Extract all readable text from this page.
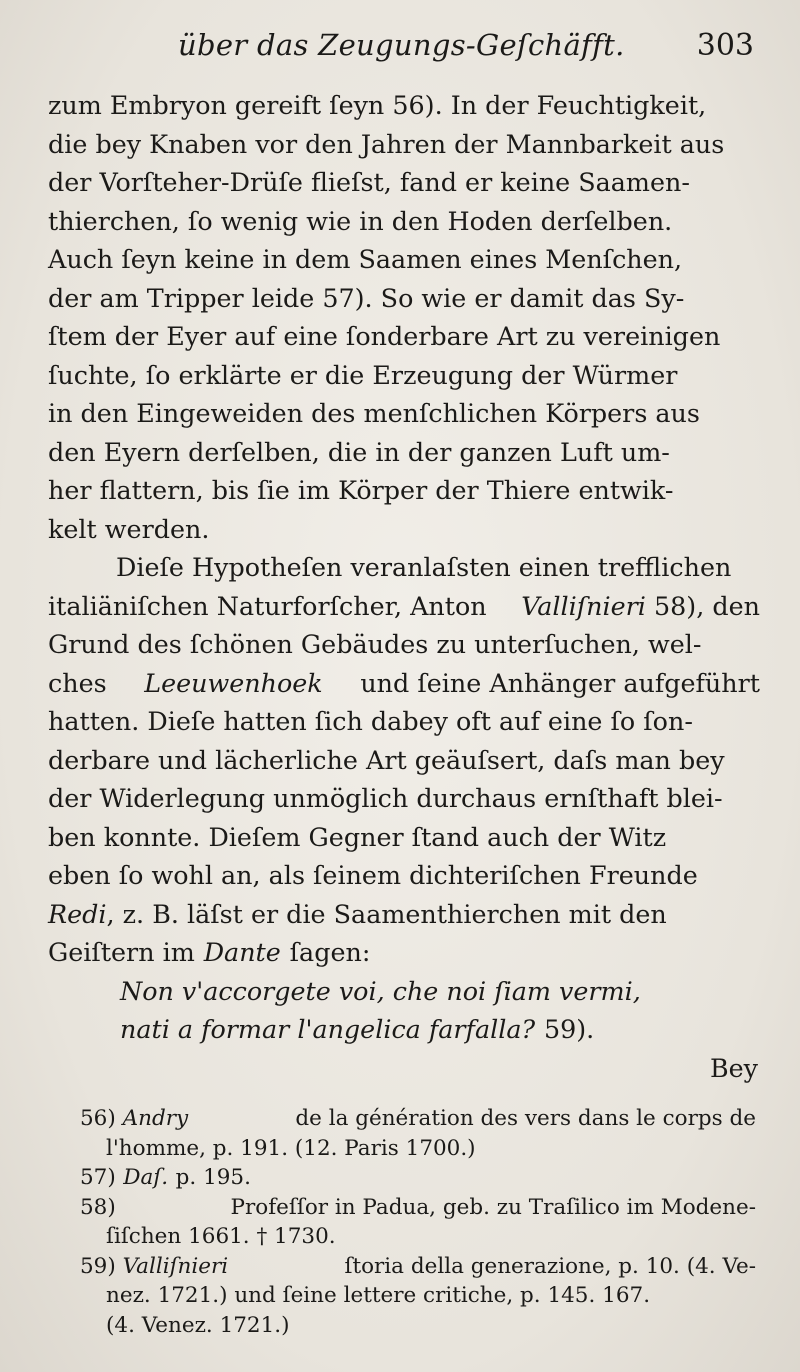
über das Zeugungs-Geſchäfft. 303
zum Embryon gereift ſeyn 56). In der Feuchtigkeit,
die bey Knaben vor den Jahren der Mannbarkeit aus
der Vorſteher-Drüſe flieſst, fand er keine Saamen-
thierchen, ſo wenig wie in den Hoden derſelben.
Auch ſeyn keine in dem Saamen eines Menſchen,
der am Tripper leide 57). So wie er damit das Sy-
ſtem der Eyer auf eine ſonderbare Art zu vereinigen
ſuchte, ſo erklärte er die Erzeugung der Würmer
in den Eingeweiden des menſchlichen Körpers aus
den Eyern derſelben, die in der ganzen Luft um-
her flattern, bis ſie im Körper der Thiere entwik-
kelt werden.
Dieſe Hypotheſen veranlaſsten einen trefflichen
italiäniſchen Naturforſcher, Anton Valliſnieri 58), den
Grund des ſchönen Gebäudes zu unterſuchen, wel-
ches Leeuwenhoek und ſeine Anhänger aufgeführt
hatten. Dieſe hatten ſich dabey oft auf eine ſo ſon-
derbare und lächerliche Art geäuſsert, daſs man bey
der Widerlegung unmöglich durchaus ernſthaft blei-
ben konnte. Dieſem Gegner ſtand auch der Witz
eben ſo wohl an, als ſeinem dichteriſchen Freunde
Redi, z. B. läſst er die Saamenthierchen mit den
Geiſtern im Dante ſagen:
Non v'accorgete voi, che noi ſiam vermi,
nati a formar l'angelica farfalla? 59).
Bey
56) Andry	de la génération des vers dans le corps de
l'homme, p. 191. (12. Paris 1700.)
57) Daſ. p. 195.
58)	Profeſſor in Padua, geb. zu Traſilico im Modene-
ſiſchen 1661. † 1730.
59) Valliſnieri	ſtoria della generazione, p. 10. (4. Ve-
nez. 1721.) und ſeine lettere critiche, p. 145. 167.
(4. Venez. 1721.)
